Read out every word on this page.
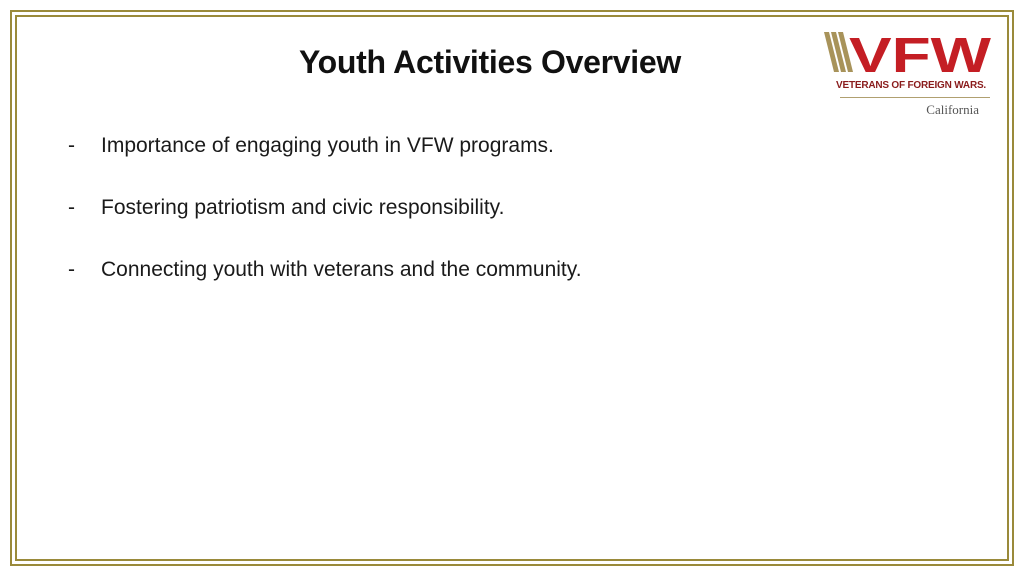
Youth Activities Overview
- Importance of engaging youth in VFW programs.
- Fostering patriotism and civic responsibility.
- Connecting youth with veterans and the community.
VFW
VETERANS OF FOREIGN WARS.
California
